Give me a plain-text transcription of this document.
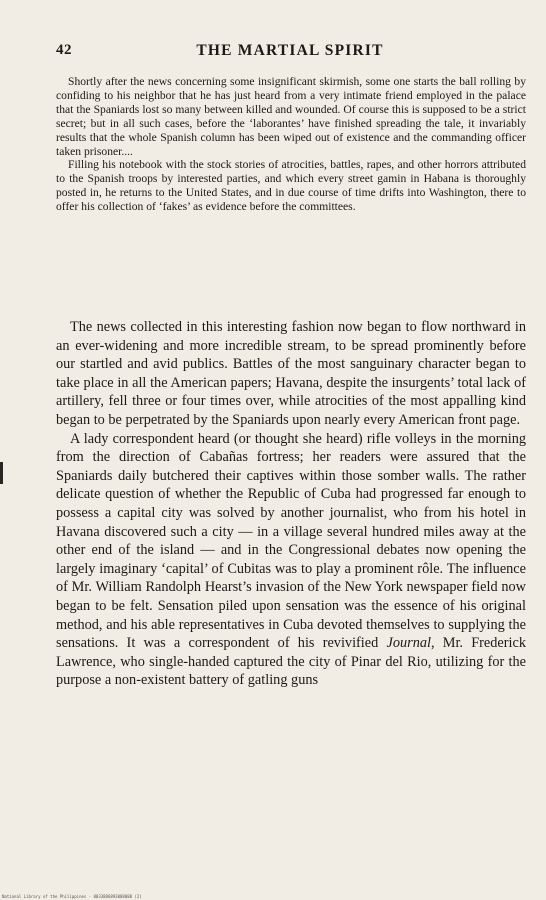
42	THE MARTIAL SPIRIT

Shortly after the news concerning some insignificant skirmish, some one starts the ball rolling by confiding to his neighbor that he has just heard from a very intimate friend employed in the palace that the Spaniards lost so many between killed and wounded. Of course this is supposed to be a strict secret; but in all such cases, before the ‘laborantes’ have finished spreading the tale, it invariably results that the whole Spanish column has been wiped out of existence and the commanding officer taken prisoner....

Filling his notebook with the stock stories of atrocities, battles, rapes, and other horrors attributed to the Spanish troops by interested parties, and which every street gamin in Habana is thoroughly posted in, he returns to the United States, and in due course of time drifts into Washington, there to offer his collection of ‘fakes’ as evidence before the committees.

The news collected in this interesting fashion now began to flow northward in an ever-widening and more incredible stream, to be spread prominently before our startled and avid publics. Battles of the most sanguinary character began to take place in all the American papers; Havana, despite the insurgents’ total lack of artillery, fell three or four times over, while atrocities of the most appalling kind began to be perpetrated by the Spaniards upon nearly every American front page.

A lady correspondent heard (or thought she heard) rifle volleys in the morning from the direction of Cabañas fortress; her readers were assured that the Spaniards daily butchered their captives within those somber walls. The rather delicate question of whether the Republic of Cuba had progressed far enough to possess a capital city was solved by another journalist, who from his hotel in Havana discovered such a city — in a village several hundred miles away at the other end of the island — and in the Congressional debates now opening the largely imaginary ‘capital’ of Cubitas was to play a prominent rôle. The influence of Mr. William Randolph Hearst’s invasion of the New York newspaper field now began to be felt. Sensation piled upon sensation was the essence of his original method, and his able representatives in Cuba devoted themselves to supplying the sensations. It was a correspondent of his revivified Journal, Mr. Frederick Lawrence, who single-handed captured the city of Pinar del Rio, utilizing for the purpose a non-existent battery of gatling guns

National Library of the Philippines · 8033886893088088 (2)
